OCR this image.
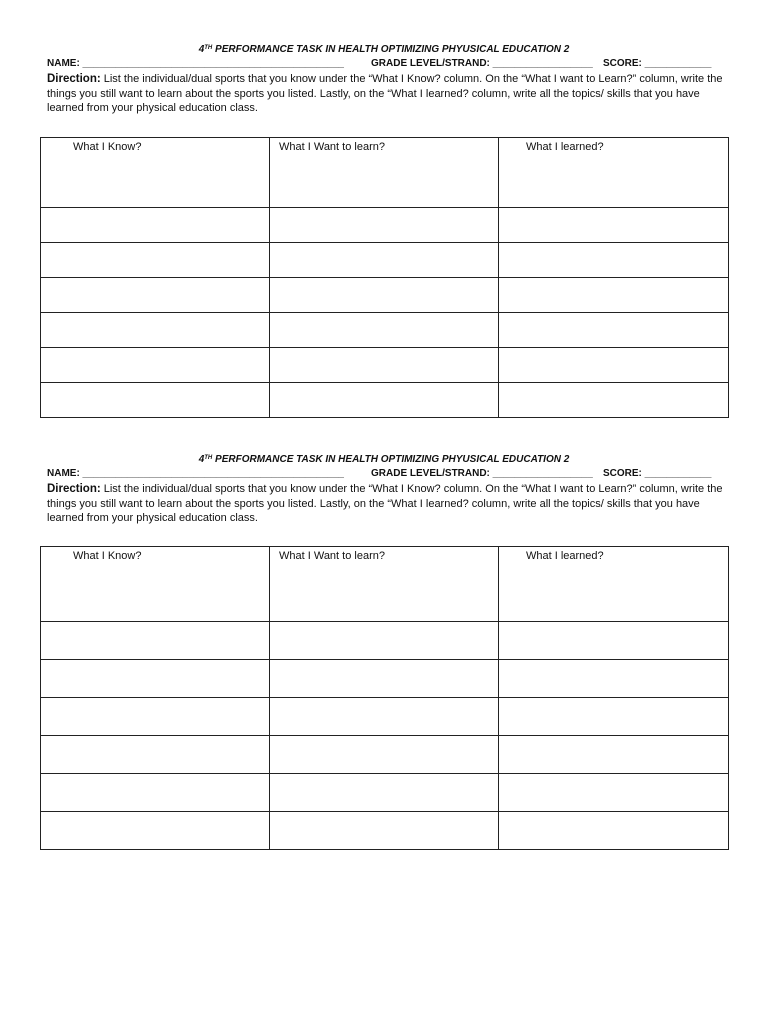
4TH PERFORMANCE TASK IN HEALTH OPTIMIZING PHYUSICAL EDUCATION 2
NAME: _______________________________________________	GRADE LEVEL/STRAND: __________________ SCORE: ____________
Direction: List the individual/dual sports that you know under the “What I Know? column. On the “What I want to Learn?” column, write the things you still want to learn about the sports you listed. Lastly, on the “What I learned? column, write all the topics/ skills that you have learned from your physical education class.
What I Know?	What I Want to learn?	What I learned?

4TH PERFORMANCE TASK IN HEALTH OPTIMIZING PHYUSICAL EDUCATION 2
NAME: _______________________________________________	GRADE LEVEL/STRAND: __________________ SCORE: ____________
Direction: List the individual/dual sports that you know under the “What I Know? column. On the “What I want to Learn?” column, write the things you still want to learn about the sports you listed. Lastly, on the “What I learned? column, write all the topics/ skills that you have learned from your physical education class.
What I Know?	What I Want to learn?	What I learned?
